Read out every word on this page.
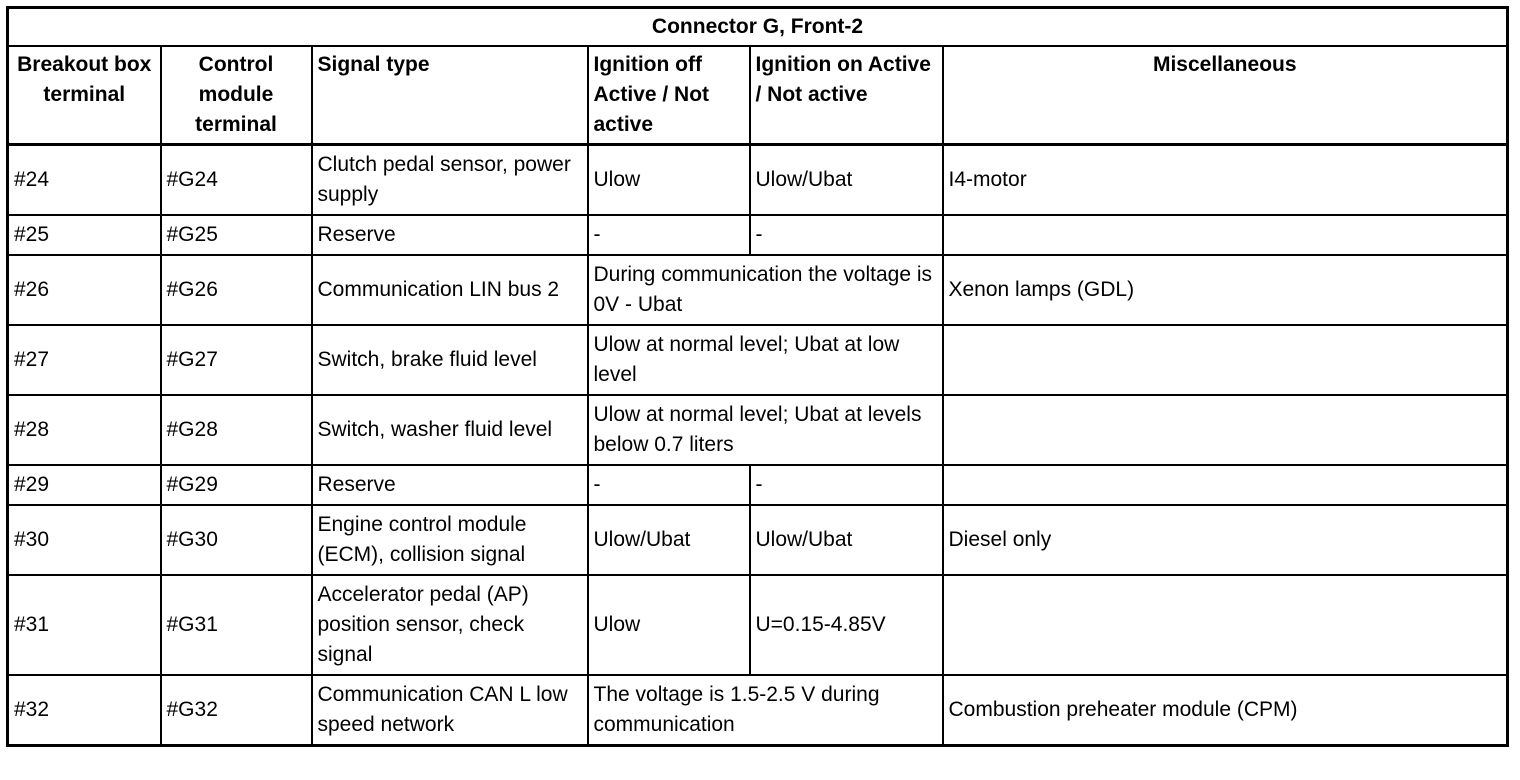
Connector G, Front-2					
Breakout box terminal	Control module terminal	Signal type	Ignition off Active / Not active	Ignition on Active / Not active	Miscellaneous
#24	#G24	Clutch pedal sensor, power supply	Ulow	Ulow/Ubat	I4-motor
#25	#G25	Reserve	-	-	
#26	#G26	Communication LIN bus 2	During communication the voltage is 0V - Ubat		Xenon lamps (GDL)
#27	#G27	Switch, brake fluid level	Ulow at normal level; Ubat at low level		
#28	#G28	Switch, washer fluid level	Ulow at normal level; Ubat at levels below 0.7 liters		
#29	#G29	Reserve	-	-	
#30	#G30	Engine control module (ECM), collision signal	Ulow/Ubat	Ulow/Ubat	Diesel only
#31	#G31	Accelerator pedal (AP) position sensor, check signal	Ulow	U=0.15-4.85V	
#32	#G32	Communication CAN L low speed network	The voltage is 1.5-2.5 V during communication		Combustion preheater module (CPM)
